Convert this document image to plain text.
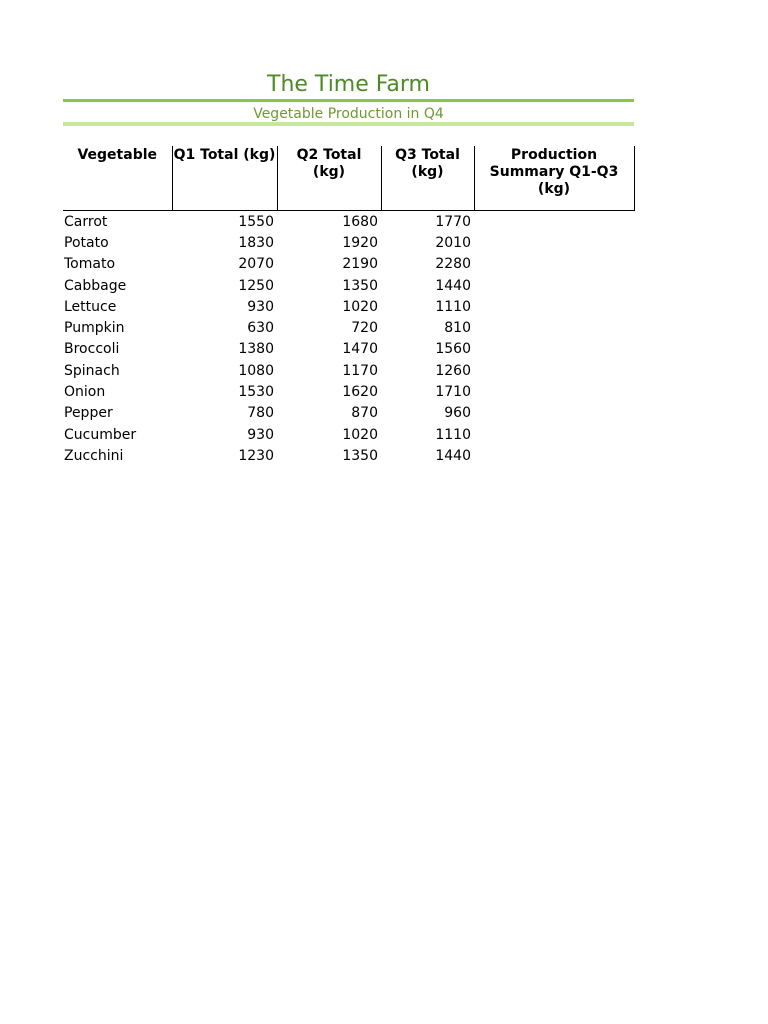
The Time Farm
Vegetable Production in Q4
Vegetable	Q1 Total (kg)	Q2 Total (kg)	Q3 Total (kg)	Production Summary Q1-Q3 (kg)

Carrot	1550	1680	1770	
Potato	1830	1920	2010	
Tomato	2070	2190	2280	
Cabbage	1250	1350	1440	
Lettuce	930	1020	1110	
Pumpkin	630	720	810	
Broccoli	1380	1470	1560	
Spinach	1080	1170	1260	
Onion	1530	1620	1710	
Pepper	780	870	960	
Cucumber	930	1020	1110	
Zucchini	1230	1350	1440	
